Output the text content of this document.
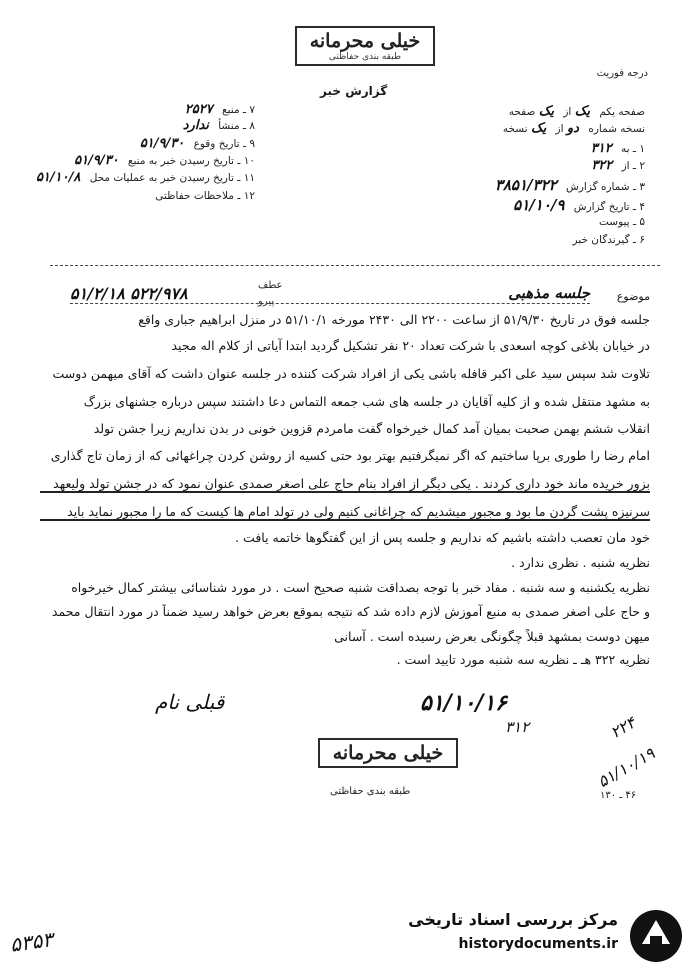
خیلی محرمانه
طبقه بندی حفاظتی
درجه فوریت
گزارش خبر
۷ ـ منبع ۲۵۲۷
۸ ـ منشأ ندارد
۹ ـ تاریخ وقوع ۵۱/۹/۳۰
۱۰ ـ تاریخ رسیدن خبر به منبع ۵۱/۹/۳۰
۱۱ ـ تاریخ رسیدن خبر به عملیات محل ۵۱/۱۰/۸
۱۲ ـ ملاحظات حفاظتی
صفحه یکم یک از یک صفحه
نسخه شماره دو از یک نسخه
۱ ـ به ۳۱۲
۲ ـ از ۳۲۲
۳ ـ شماره گزارش ۳۸۵۱/۳۲۲
۴ ـ تاریخ گزارش ۵۱/۱۰/۹
۵ ـ پیوست
۶ ـ گیرندگان خبر
موضوع
جلسه مذهبی
عطف
پیرو
۵۱/۲/۱۸ ۵۲۲/۹۷۸
جلسه فوق در تاریخ ۵۱/۹/۳۰ از ساعت ۲۲۰۰ الی ۲۴۳۰ مورخه ۵۱/۱۰/۱ در منزل ابراهیم جباری واقع
در خیابان بلاغی کوچه اسعدی با شرکت تعداد ۲۰ نفر تشکیل گردید ابتدا آیاتی از کلام اله مجید
تلاوت شد سپس سید علی اکبر قافله باشی یکی از افراد شرکت کننده در جلسه عنوان داشت که آقای میهمن دوست
به مشهد منتقل شده و از کلیه آقایان در جلسه های شب جمعه التماس دعا داشتند سپس درباره جشنهای بزرگ
انقلاب ششم بهمن صحبت بمیان آمد کمال خیرخواه گفت مامردم قزوین خونی در بدن نداریم زیرا جشن تولد
امام رضا را طوری برپا ساختیم که اگر نمیگرفتیم بهتر بود حتی کسیه از روشن کردن چراغهائی که از زمان تاج گذاری
بزور خریده ماند خود داری کردند . یکی دیگر از افراد بنام حاج علی اصغر صمدی عنوان نمود که در جشن تولد ولیعهد
سرنیزه پشت گردن ما بود و مجبور میشدیم که چراغانی کنیم ولی در تولد امام ها کیست که ما را مجبور نماید باید
خود مان تعصب داشته باشیم که نداریم و جلسه پس از این گفتگوها خاتمه یافت .
نظریه شنبه . نظری ندارد .
نظریه یکشنبه و سه شنبه . مفاد خبر با توجه بصداقت شنبه صحیح است . در مورد شناسائی بیشتر کمال خیرخواه
و حاج علی اصغر صمدی به منبع آموزش لازم داده شد که نتیجه بموقع بعرض خواهد رسید ضمناً در مورد انتقال محمد
میهن دوست بمشهد قبلاً چگونگی بعرض رسیده است . آسانی
نظریه ۳۲۲ هـ ـ نظریه سه شنبه مورد تایید است .
قبلی نام	۵۱/۱۰/۱۶
۳۱۲
۵۱/۱۰/۱۹
۲۲۴
خیلی محرمانه
طبقه بندی حفاظتی	۴۶ ـ ۱۳۰
۵۳۵۳
مرکز بررسی اسناد تاریخی
historydocuments.ir
